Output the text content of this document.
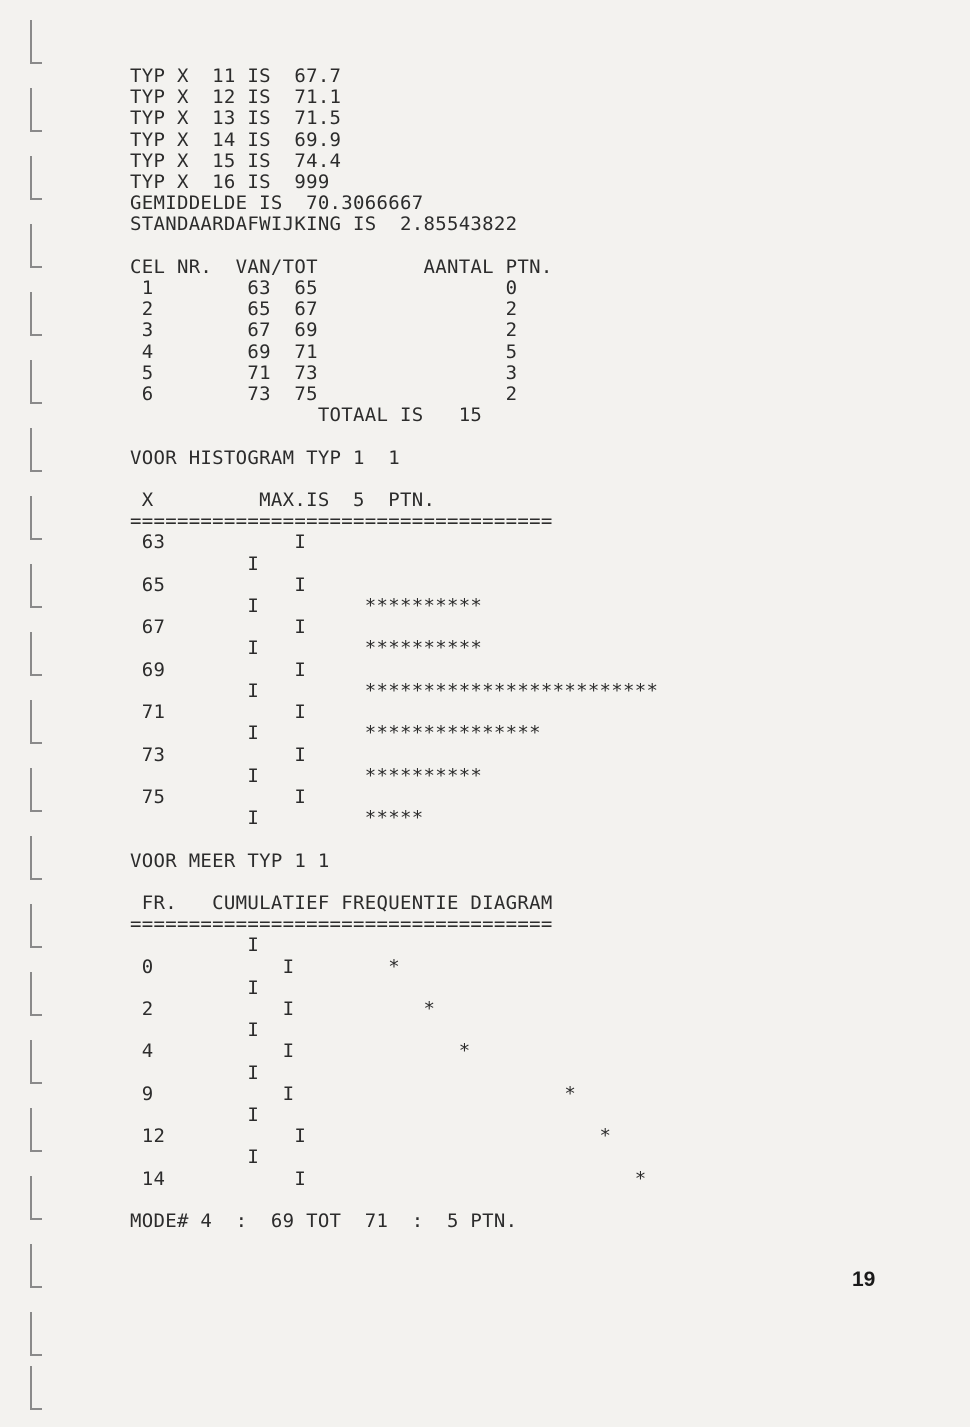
TYP X  11 IS  67.7
TYP X  12 IS  71.1
TYP X  13 IS  71.5
TYP X  14 IS  69.9
TYP X  15 IS  74.4
TYP X  16 IS  999
GEMIDDELDE IS  70.3066667
STANDAARDAFWIJKING IS  2.85543822

CEL NR.  VAN/TOT         AANTAL PTN.
1        63  65                0
2        65  67                2
3        67  69                2
4        69  71                5
5        71  73                3
6        73  75                2
TOTAAL IS   15

VOOR HISTOGRAM TYP 1  1

X         MAX.IS  5  PTN.
====================================
63           I
I
65           I
I         **********
67           I
I         **********
69           I
I         *************************
71           I
I         ***************
73           I
I         **********
75           I
I         *****

VOOR MEER TYP 1 1

FR.   CUMULATIEF FREQUENTIE DIAGRAM
====================================
I
0           I        *
I
2           I           *
I
4           I              *
I
9           I                       *
I
12           I                         *
I
14           I                            *

MODE# 4  :  69 TOT  71  :  5 PTN.
19
